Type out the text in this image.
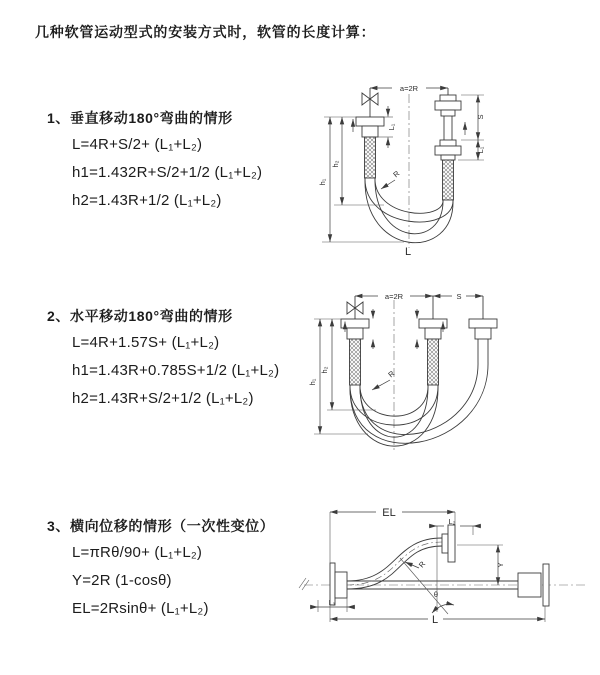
几种软管运动型式的安装方式时，软管的长度计算：
1、垂直移动180°弯曲的情形
L=4R+S/2+ (L₁+L₂)
h1=1.432R+S/2+1/2 (L₁+L₂)
h2=1.43R+1/2 (L₁+L₂)
2、水平移动180°弯曲的情形
L=4R+1.57S+ (L₁+L₂)
h1=1.43R+0.785S+1/2 (L₁+L₂)
h2=1.43R+S/2+1/2 (L₁+L₂)
3、横向位移的情形（一次性变位）
L=πRθ/90+ (L₁+L₂)
Y=2R (1-cosθ)
EL=2Rsinθ+ (L₁+L₂)
a=2R
h₁
h₂
L₁
S
L₁
R
L
a=2R	S
h₁
h₂	R
EL
L₂
Y
R
θ
L₁
L
